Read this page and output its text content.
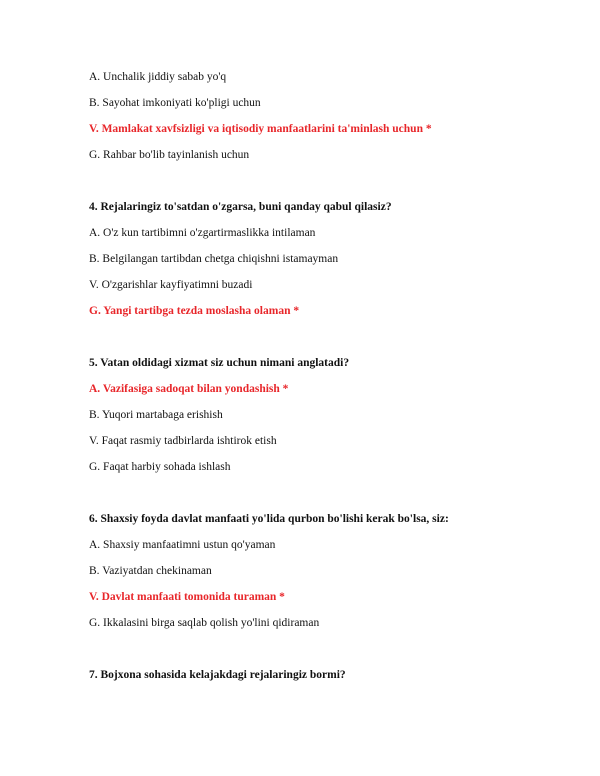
A. Unchalik jiddiy sabab yo'q
B. Sayohat imkoniyati ko'pligi uchun
V. Mamlakat xavfsizligi va iqtisodiy manfaatlarini ta'minlash uchun *
G. Rahbar bo'lib tayinlanish uchun
4. Rejalaringiz to'satdan o'zgarsa, buni qanday qabul qilasiz?
A. O'z kun tartibimni o'zgartirmaslikka intilaman
B. Belgilangan tartibdan chetga chiqishni istamayman
V. O'zgarishlar kayfiyatimni buzadi
G. Yangi tartibga tezda moslasha olaman *
5. Vatan oldidagi xizmat siz uchun nimani anglatadi?
A. Vazifasiga sadoqat bilan yondashish *
B. Yuqori martabaga erishish
V. Faqat rasmiy tadbirlarda ishtirok etish
G. Faqat harbiy sohada ishlash
6. Shaxsiy foyda davlat manfaati yo'lida qurbon bo'lishi kerak bo'lsa, siz:
A. Shaxsiy manfaatimni ustun qo'yaman
B. Vaziyatdan chekinaman
V. Davlat manfaati tomonida turaman *
G. Ikkalasini birga saqlab qolish yo'lini qidiraman
7. Bojxona sohasida kelajakdagi rejalaringiz bormi?
